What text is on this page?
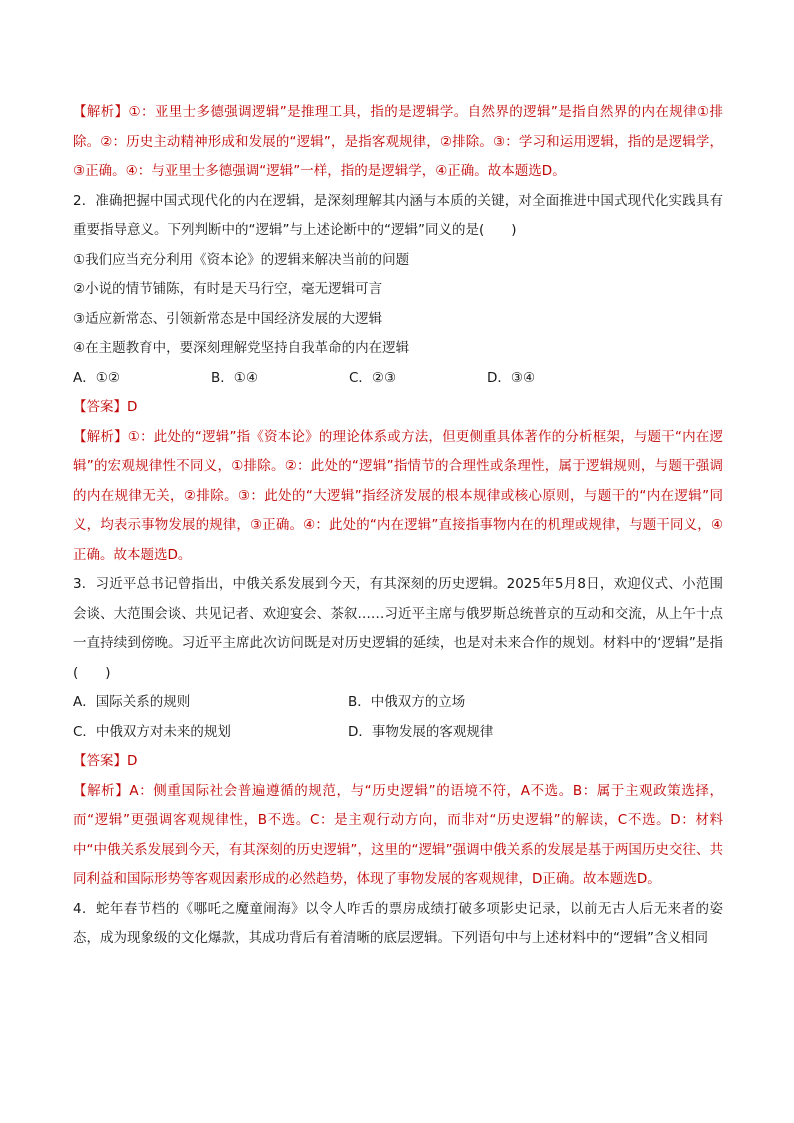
【解析】①：亚里士多德强调逻辑”是推理工具，指的是逻辑学。自然界的逻辑”是指自然界的内在规律①排除。②：历史主动精神形成和发展的“逻辑”，是指客观规律，②排除。③：学习和运用逻辑，指的是逻辑学，③正确。④：与亚里士多德强调“逻辑”一样，指的是逻辑学，④正确。故本题选D。

2．准确把握中国式现代化的内在逻辑，是深刻理解其内涵与本质的关键，对全面推进中国式现代化实践具有重要指导意义。下列判断中的“逻辑”与上述论断中的“逻辑”同义的是(　　)

①我们应当充分利用《资本论》的逻辑来解决当前的问题

②小说的情节铺陈，有时是天马行空，毫无逻辑可言

③适应新常态、引领新常态是中国经济发展的大逻辑

④在主题教育中，要深刻理解党坚持自我革命的内在逻辑

A．①②	B．①④	C．②③	D．③④

【答案】D

【解析】①：此处的“逻辑”指《资本论》的理论体系或方法，但更侧重具体著作的分析框架，与题干“内在逻辑”的宏观规律性不同义，①排除。②：此处的“逻辑”指情节的合理性或条理性，属于逻辑规则，与题干强调的内在规律无关，②排除。③：此处的“大逻辑”指经济发展的根本规律或核心原则，与题干的“内在逻辑”同义，均表示事物发展的规律，③正确。④：此处的“内在逻辑”直接指事物内在的机理或规律，与题干同义，④正确。故本题选D。

3．习近平总书记曾指出，中俄关系发展到今天，有其深刻的历史逻辑。2025年5月8日，欢迎仪式、小范围会谈、大范围会谈、共见记者、欢迎宴会、茶叙……习近平主席与俄罗斯总统普京的互动和交流，从上午十点一直持续到傍晚。习近平主席此次访问既是对历史逻辑的延续，也是对未来合作的规划。材料中的‘逻辑”是指(　　)

A．国际关系的规则	B．中俄双方的立场
C．中俄双方对未来的规划	D．事物发展的客观规律

【答案】D

【解析】A：侧重国际社会普遍遵循的规范，与“历史逻辑”的语境不符，A不选。B：属于主观政策选择，而“逻辑”更强调客观规律性，B不选。C：是主观行动方向，而非对“历史逻辑”的解读，C不选。D：材料中“中俄关系发展到今天，有其深刻的历史逻辑”，这里的“逻辑”强调中俄关系的发展是基于两国历史交往、共同利益和国际形势等客观因素形成的必然趋势，体现了事物发展的客观规律，D正确。故本题选D。

4．蛇年春节档的《哪吒之魔童闹海》以令人咋舌的票房成绩打破多项影史记录，以前无古人后无来者的姿态，成为现象级的文化爆款，其成功背后有着清晰的底层逻辑。下列语句中与上述材料中的“逻辑”含义相同
